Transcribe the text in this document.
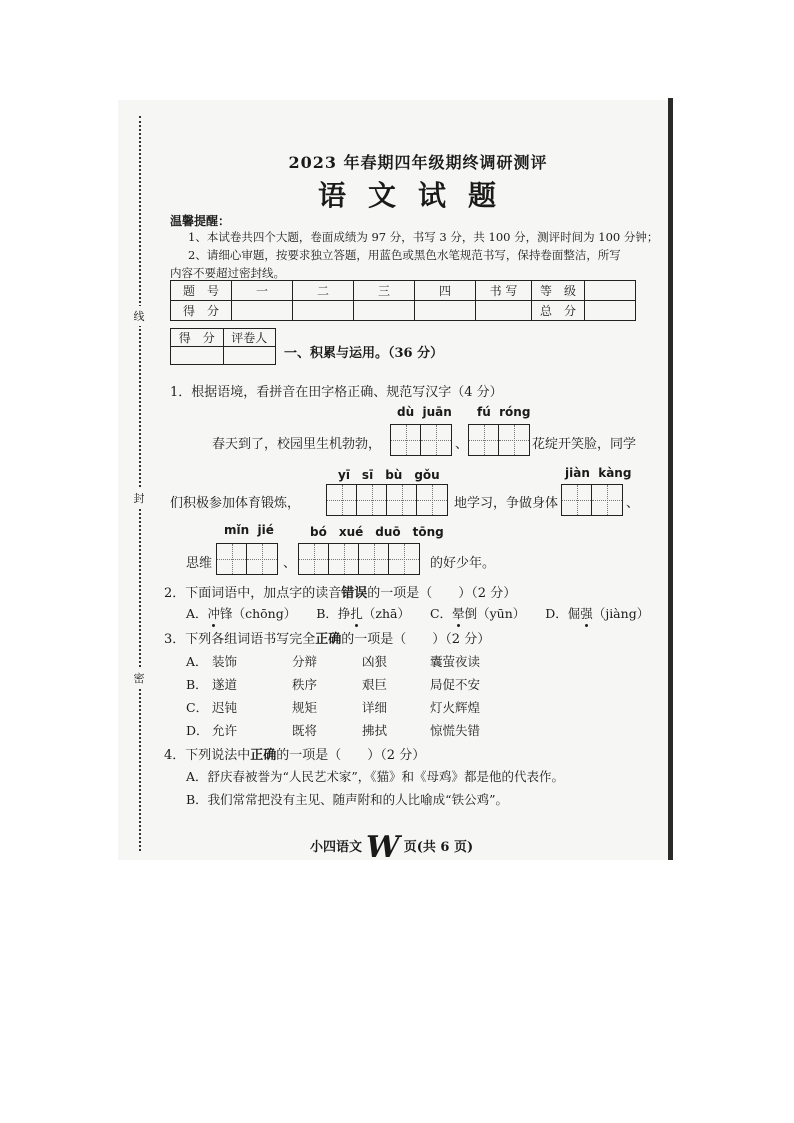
线
封
密
2023 年春期四年级期终调研测评
语文试题
温馨提醒：
1、本试卷共四个大题，卷面成绩为 97 分，书写 3 分，共 100 分，测评时间为 100 分钟；
2、请细心审题，按要求独立答题，用蓝色或黑色水笔规范书写，保持卷面整洁，所写
内容不要超过密封线。
题　号	一	二	三	四	书 写	等　级	
得　分						总　分	
得　分	评卷人

一、积累与运用。（36 分）
1．根据语境，看拼音在田字格正确、规范写汉字（4 分）
dù  juān fú  róng
春天到了，校园里生机勃勃，	、	花绽开笑脸，同学
yī　sī　bù　gǒu	jiàn  kàng
们积极参加体育锻炼，	地学习，争做身体	、
mǐn  jié	bó　xué　duō　tōng
思维	、	的好少年。
2．下面词语中，加点字的读音错误的一项是（　　）（2 分）
A．冲锋（chōng） B．挣扎（zhā） C．晕倒（yūn） D．倔强（jiàng）
3．下列各组词语书写完全正确的一项是（　　）（2 分）
A． 装饰	分辩	凶狠	囊萤夜读
B． 遂道	秩序	艰巨	局促不安
C． 迟钝	规矩	详细	灯火辉煌
D． 允许	既将	拂拭	惊慌失错
4．下列说法中正确的一项是（　　）（2 分）
A．舒庆春被誉为“人民艺术家”，《猫》和《母鸡》都是他的代表作。
B．我们常常把没有主见、随声附和的人比喻成“铁公鸡”。
小四语文 W 页(共 6 页)
